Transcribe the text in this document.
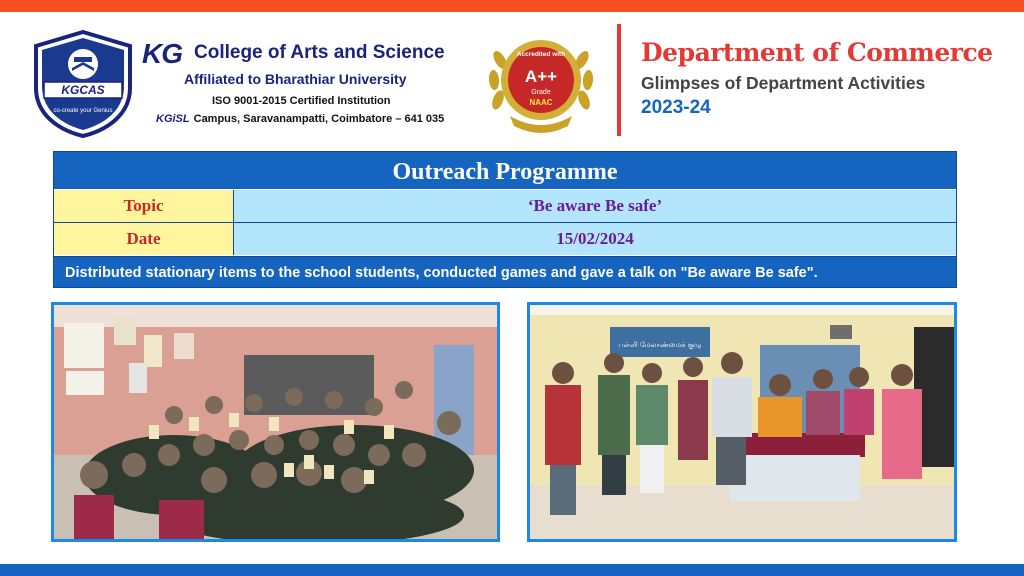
KGCAS
co-create your Genius
KG College of Arts and Science
Affiliated to Bharathiar University
ISO 9001-2015 Certified Institution
KGiSL Campus, Saravanampatti, Coimbatore – 641 035
Accredited with
A++
Grade
NAAC
Department of Commerce
Glimpses of Department Activities
2023-24
Outreach Programme
Topic	‘Be aware Be safe’
Date	15/02/2024
Distributed stationary items to the school students, conducted games and gave a talk on "Be aware Be safe".
பள்ளி மேலாண்மைக் குழு
